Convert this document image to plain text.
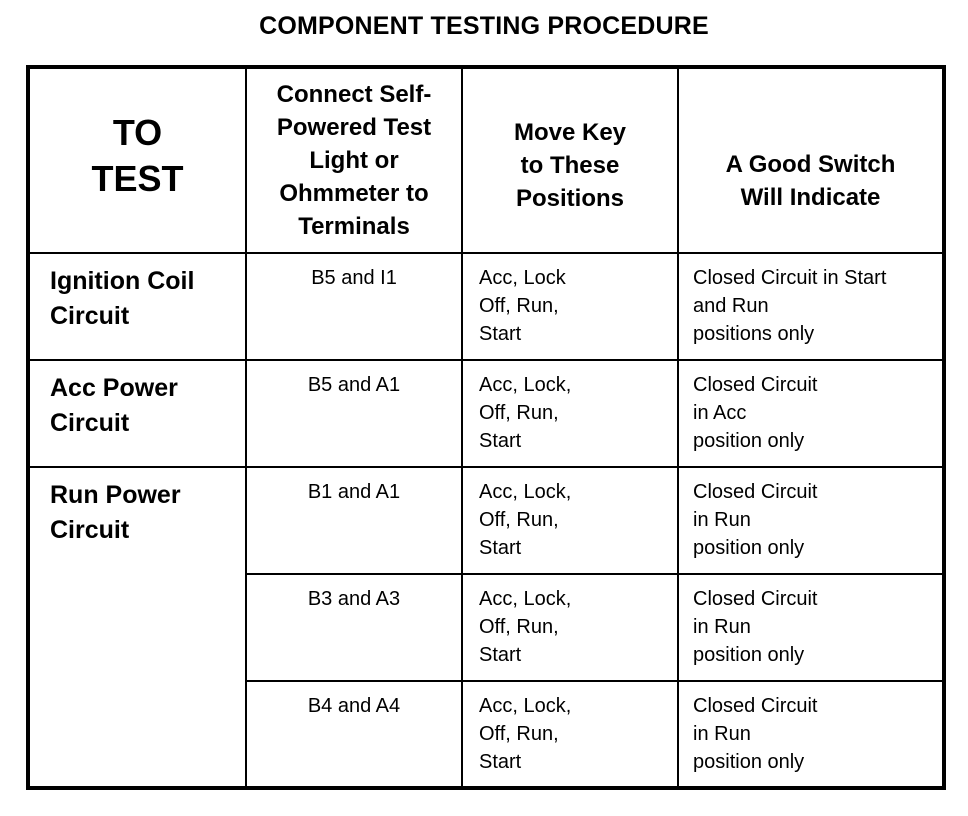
COMPONENT TESTING PROCEDURE
TO
TEST	Connect Self-
Powered Test
Light or
Ohmmeter to
Terminals	Move Key
to These
Positions	A Good Switch
Will Indicate

Ignition Coil
Circuit	B5 and I1	Acc, Lock
Off, Run,
Start	Closed Circuit in Start
and Run
positions only

Acc Power
Circuit	B5 and A1	Acc, Lock,
Off, Run,
Start	Closed Circuit
in Acc
position only

Run Power
Circuit	B1 and A1	Acc, Lock,
Off, Run,
Start	Closed Circuit
in Run
position only

	B3 and A3	Acc, Lock,
Off, Run,
Start	Closed Circuit
in Run
position only

	B4 and A4	Acc, Lock,
Off, Run,
Start	Closed Circuit
in Run
position only
